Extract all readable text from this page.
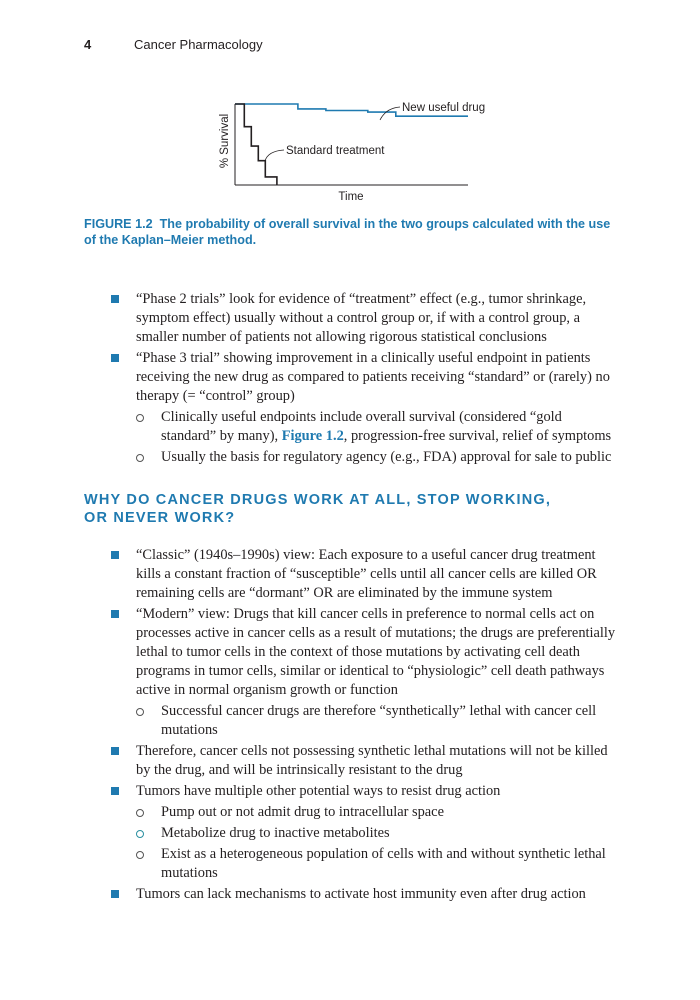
4	Cancer Pharmacology
New useful drug
Standard treatment
% Survival
Time
FIGURE 1.2 The probability of overall survival in the two groups calculated with the use of the Kaplan–Meier method.
“Phase 2 trials” look for evidence of “treatment” effect (e.g., tumor shrinkage, symptom effect) usually without a control group or, if with a control group, a smaller number of patients not allowing rigorous statistical conclusions
“Phase 3 trial” showing improvement in a clinically useful endpoint in patients receiving the new drug as compared to patients receiving “standard” or (rarely) no therapy (= “control” group)
Clinically useful endpoints include overall survival (considered “gold standard” by many), Figure 1.2, progression-free survival, relief of symptoms
Usually the basis for regulatory agency (e.g., FDA) approval for sale to public
WHY DO CANCER DRUGS WORK AT ALL, STOP WORKING,
OR NEVER WORK?
“Classic” (1940s–1990s) view: Each exposure to a useful cancer drug treatment kills a constant fraction of “susceptible” cells until all cancer cells are killed OR remaining cells are “dormant” OR are eliminated by the immune system
“Modern” view: Drugs that kill cancer cells in preference to normal cells act on processes active in cancer cells as a result of mutations; the drugs are preferentially lethal to tumor cells in the context of those mutations by activating cell death programs in tumor cells, similar or identical to “physiologic” cell death pathways active in normal organism growth or function
Successful cancer drugs are therefore “synthetically” lethal with cancer cell mutations
Therefore, cancer cells not possessing synthetic lethal mutations will not be killed by the drug, and will be intrinsically resistant to the drug
Tumors have multiple other potential ways to resist drug action
Pump out or not admit drug to intracellular space
Metabolize drug to inactive metabolites
Exist as a heterogeneous population of cells with and without synthetic lethal mutations
Tumors can lack mechanisms to activate host immunity even after drug action
